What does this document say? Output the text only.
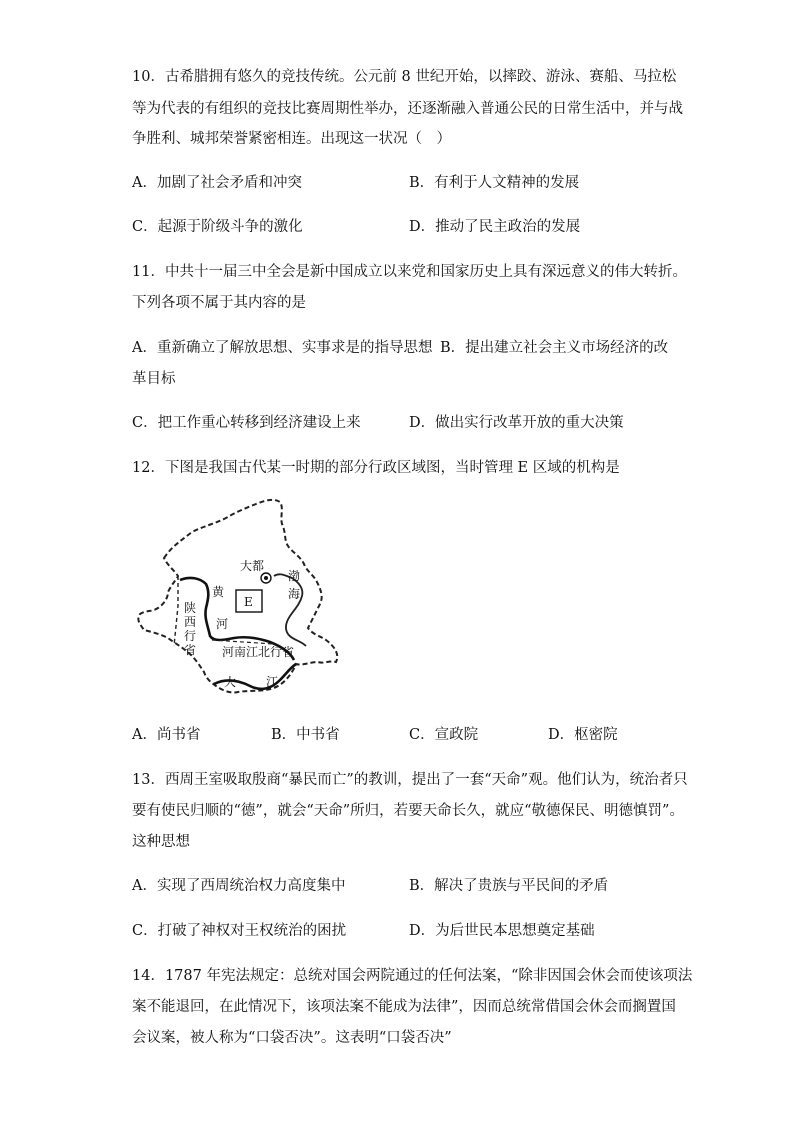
10．古希腊拥有悠久的竞技传统。公元前 8 世纪开始，以摔跤、游泳、赛船、马拉松
等为代表的有组织的竞技比赛周期性举办，还逐渐融入普通公民的日常生活中，并与战
争胜利、城邦荣誉紧密相连。出现这一状况（　）
A．加剧了社会矛盾和冲突	B．有利于人文精神的发展
C．起源于阶级斗争的激化	D．推动了民主政治的发展
11．中共十一届三中全会是新中国成立以来党和国家历史上具有深远意义的伟大转折。
下列各项不属于其内容的是
A．重新确立了解放思想、实事求是的指导思想 B．提出建立社会主义市场经济的改
革目标
C．把工作重心转移到经济建设上来	D．做出实行改革开放的重大决策
12．下图是我国古代某一时期的部分行政区域图，当时管理 E 区域的机构是
大都
渤
海
E
黄
河
陕
西
行
省 河南江北行省
大 江
A．尚书省	B．中书省	C．宣政院	D．枢密院
13．西周王室吸取殷商“暴民而亡”的教训，提出了一套“天命”观。他们认为，统治者只
要有使民归顺的“德”，就会“天命”所归，若要天命长久，就应“敬德保民、明德慎罚”。
这种思想
A．实现了西周统治权力高度集中	B．解决了贵族与平民间的矛盾
C．打破了神权对王权统治的困扰	D．为后世民本思想奠定基础
14．1787 年宪法规定：总统对国会两院通过的任何法案，“除非因国会休会而使该项法
案不能退回，在此情况下，该项法案不能成为法律”，因而总统常借国会休会而搁置国
会议案，被人称为“口袋否决”。这表明“口袋否决”
